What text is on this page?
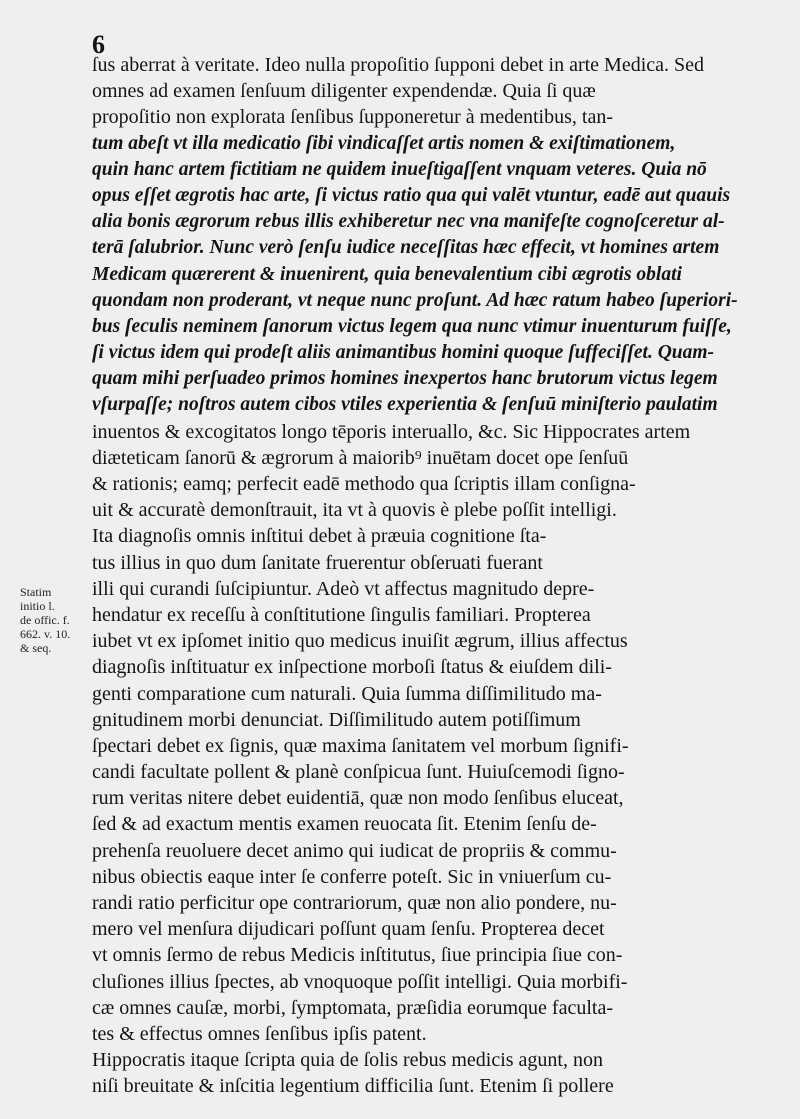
6
Statim
initio l.
de offic. f.
662. v. 10.
& seq.
ſus aberrat à veritate. Ideo nulla propoſitio ſupponi debet in arte Medica. Sed
omnes ad examen ſenſuum diligenter expendendæ. Quia ſi quæ
propoſitio non explorata ſenſibus ſupponeretur à medentibus, tan-
tum abeſt vt illa medicatio ſibi vindicaſſet artis nomen & exiſtimationem,
quin hanc artem fictitiam ne quidem inueſtigaſſent vnquam veteres. Quia nō
opus eſſet ægrotis hac arte, ſi victus ratio qua qui valēt vtuntur, eadē aut quauis
alia bonis ægrorum rebus illis exhiberetur nec vna manifeſte cognoſceretur al-
terā ſalubrior. Nunc verò ſenſu iudice neceſſitas hæc effecit, vt homines artem
Medicam quærerent & inuenirent, quia benevalentium cibi ægrotis oblati
quondam non proderant, vt neque nunc proſunt. Ad hæc ratum habeo ſuperiori-
bus ſeculis neminem ſanorum victus legem qua nunc vtimur inuenturum fuiſſe,
ſi victus idem qui prodeſt aliis animantibus homini quoque ſuffeciſſet. Quam-
quam mihi perſuadeo primos homines inexpertos hanc brutorum victus legem
vſurpaſſe; noſtros autem cibos vtiles experientia & ſenſuū miniſterio paulatim
inuentos & excogitatos longo tēporis interuallo, &c. Sic Hippocrates artem
diæteticam ſanorū & ægrorum à maiorib⁹ inuētam docet ope ſenſuū
& rationis; eamq; perfecit eadē methodo qua ſcriptis illam conſigna-
uit & accuratè demonſtrauit, ita vt à quovis è plebe poſſit intelligi.
Ita diagnoſis omnis inſtitui debet à præuia cognitione ſta-
tus illius in quo dum ſanitate fruerentur obſeruati fuerant
illi qui curandi ſuſcipiuntur. Adeò vt affectus magnitudo depre-
hendatur ex receſſu à conſtitutione ſingulis familiari. Propterea
iubet vt ex ipſomet initio quo medicus inuiſit ægrum, illius affectus
diagnoſis inſtituatur ex inſpectione morboſi ſtatus & eiuſdem dili-
genti comparatione cum naturali. Quia ſumma diſſimilitudo ma-
gnitudinem morbi denunciat. Diſſimilitudo autem potiſſimum
ſpectari debet ex ſignis, quæ maxima ſanitatem vel morbum ſignifi-
candi facultate pollent & planè conſpicua ſunt. Huiuſcemodi ſigno-
rum veritas nitere debet euidentiā, quæ non modo ſenſibus eluceat,
ſed & ad exactum mentis examen reuocata ſit. Etenim ſenſu de-
prehenſa reuoluere decet animo qui iudicat de propriis & commu-
nibus obiectis eaque inter ſe conferre poteſt. Sic in vniuerſum cu-
randi ratio perficitur ope contrariorum, quæ non alio pondere, nu-
mero vel menſura dijudicari poſſunt quam ſenſu. Propterea decet
vt omnis ſermo de rebus Medicis inſtitutus, ſiue principia ſiue con-
cluſiones illius ſpectes, ab vnoquoque poſſit intelligi. Quia morbifi-
cæ omnes cauſæ, morbi, ſymptomata, præſidia eorumque faculta-
tes & effectus omnes ſenſibus ipſis patent.
Hippocratis itaque ſcripta quia de ſolis rebus medicis agunt, non
niſi breuitate & inſcitia legentium difficilia ſunt. Etenim ſi pollere
